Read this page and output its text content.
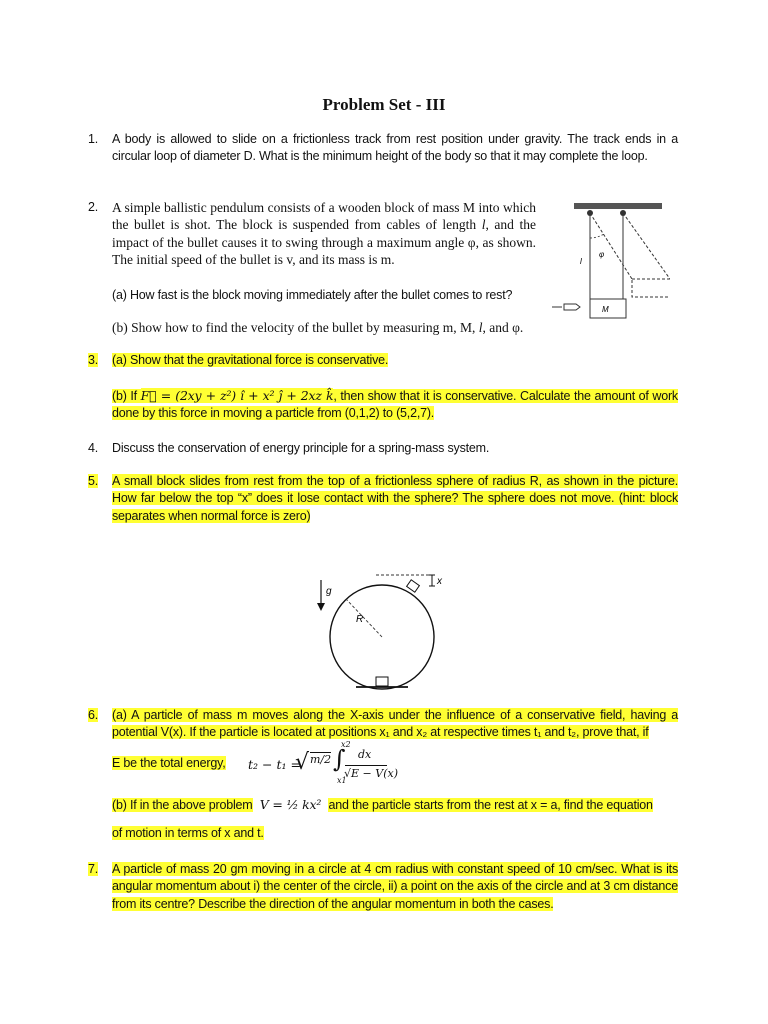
Problem Set - III
1. A body is allowed to slide on a frictionless track from rest position under gravity. The track ends in a circular loop of diameter D. What is the minimum height of the body so that it may complete the loop.
2. A simple ballistic pendulum consists of a wooden block of mass M into which the bullet is shot. The block is suspended from cables of length l, and the impact of the bullet causes it to swing through a maximum angle φ, as shown. The initial speed of the bullet is v, and its mass is m.
(a) How fast is the block moving immediately after the bullet comes to rest?
(b) Show how to find the velocity of the bullet by measuring m, M, l, and φ.
φ
l
M
3. (a) Show that the gravitational force is conservative.
(b) If F⃗ = (2xy + z²) î + x² ĵ + 2xz k̂, then show that it is conservative. Calculate the amount of work done by this force in moving a particle from (0,1,2) to (5,2,7).
4. Discuss the conservation of energy principle for a spring-mass system.
5. A small block slides from rest from the top of a frictionless sphere of radius R, as shown in the picture. How far below the top “x” does it lose contact with the sphere? The sphere does not move. (hint: block separates when normal force is zero)
g
R
x
6. (a) A particle of mass m moves along the X-axis under the influence of a conservative field, having a potential V(x). If the particle is located at positions x₁ and x₂ at respective times t₁ and t₂, prove that, if
E be the total energy, t₂ − t₁ =
√ m/2 ∫
x2
x1
dx
√E − V(x)
(b) If in the above problem V = ½ kx² and the particle starts from the rest at x = a, find the equation
of motion in terms of x and t.
7. A particle of mass 20 gm moving in a circle at 4 cm radius with constant speed of 10 cm/sec. What is its angular momentum about i) the center of the circle, ii) a point on the axis of the circle and at 3 cm distance from its centre? Describe the direction of the angular momentum in both the cases.
